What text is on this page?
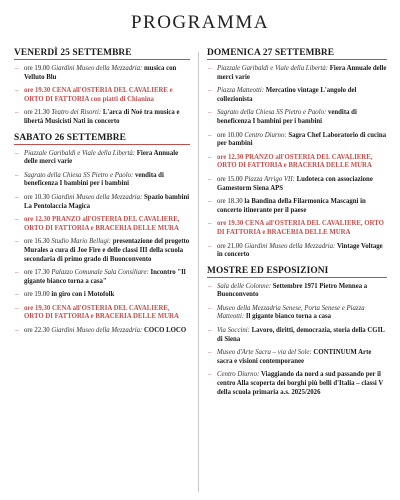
PROGRAMMA
VENERDÌ 25 SETTEMBRE
– ore 19.00 Giardini Museo della Mezzadria: musica con Velluto Blu
– ore 19.30 CENA all'OSTERIA DEL CAVALIERE e ORTO DI FATTORIA con piatti di Chianina
– ore 21.30 Teatro dei Risorti: L'arca di Noè tra musica e libertà Musicisti Nati in concerto
SABATO 26 SETTEMBRE
– Piazzale Garibaldi e Viale della Libertà: Fiera Annuale delle merci varie
– Sagrato della Chiesa SS Pietro e Paolo: vendita di beneficenza I bambini per i bambini
– ore 10.30 Giardini Museo della Mezzadria: Spazio bambini La Pentolaccia Magica
– ore 12.30 PRANZO all'OSTERIA DEL CAVALIERE, ORTO DI FATTORIA e BRACERIA DELLE MURA
– ore 16.30 Studio Mario Bellugi: presentazione del progetto Murales a cura di Joe Fire e delle classi III della scuola secondaria di primo grado di Buonconvento
– ore 17.30 Palazzo Comunale Sala Consiliare: Incontro "Il gigante bianco torna a casa"
– ore 19.00 in giro con i Motofolk
– ore 19.30 CENA all'OSTERIA DEL CAVALIERE, ORTO DI FATTORIA e BRACERIA DELLE MURA
– ore 22.30 Giardini Museo della Mezzadria: COCO LOCO
DOMENICA 27 SETTEMBRE
– Piazzale Garibaldi e Viale della Libertà: Fiera Annuale delle merci varie
– Piazza Matteotti: Mercatino vintage L'angolo del collezionista
– Sagrato della Chiesa SS Pietro e Paolo: vendita di beneficenza I bambini per i bambini
– ore 10.00 Centro Diurno: Sagra Chef Laboratorio di cucina per bambini
– ore 12.30 PRANZO all'OSTERIA DEL CAVALIERE, ORTO DI FATTORIA e BRACERIA DELLE MURA
– ore 15.00 Piazza Arrigo VII: Ludoteca con associazione Gamestorm Siena APS
– ore 18.30 la Bandina della Filarmonica Mascagni in concerto itinerante per il paese
– ore 19.30 CENA all'OSTERIA DEL CAVALIERE, ORTO DI FATTORIA e BRACERIA DELLE MURA
– ore 21.00 Giardini Museo della Mezzadria: Vintage Voltage in concerto
MOSTRE ED ESPOSIZIONI
– Sala delle Colonne: Settembre 1971 Pietro Mennea a Buonconvento
– Museo della Mezzadria Senese, Porta Senese e Piazza Matteotti: Il gigante bianco torna a casa
– Via Soccini: Lavoro, diritti, democrazia, storia della CGIL di Siena
– Museo d'Arte Sacra – via del Sole: CONTINUUM Arte sacra e visioni contemporanee
– Centro Diurno: Viaggiando da nord a sud passando per il centro Alla scoperta dei borghi più belli d'Italia – classi V della scuola primaria a.s. 2025/2026
